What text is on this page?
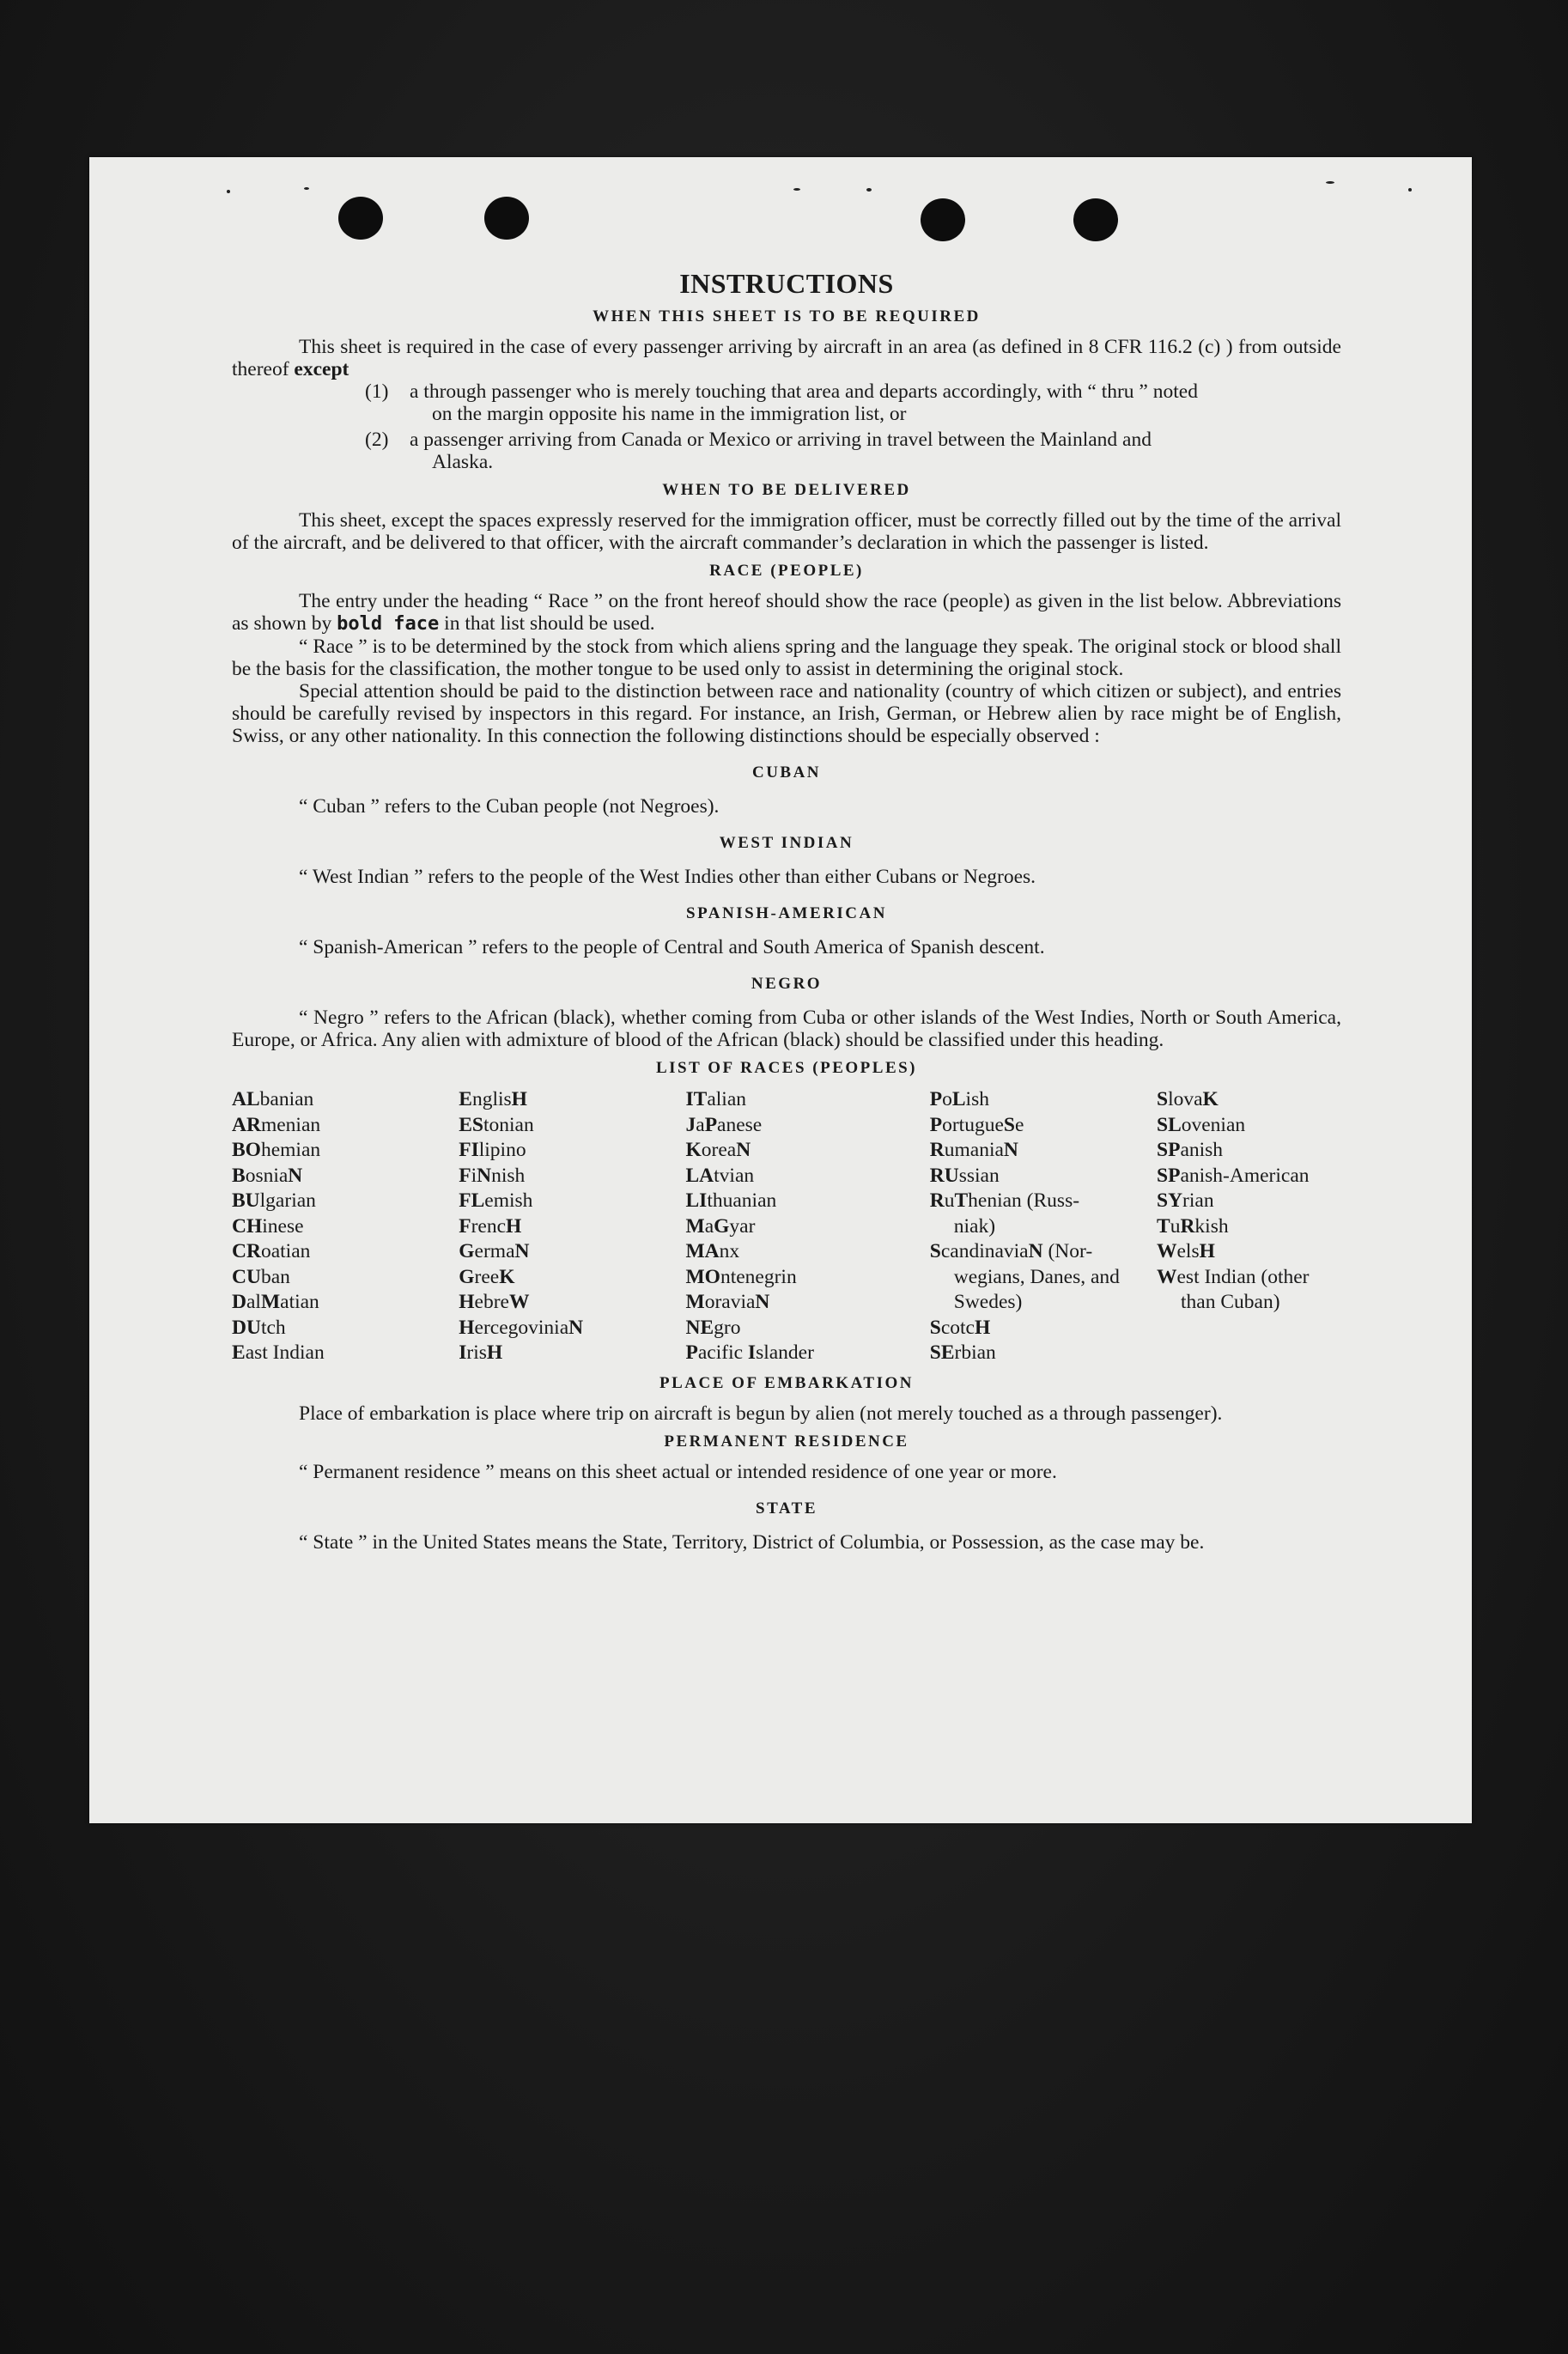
INSTRUCTIONS
WHEN THIS SHEET IS TO BE REQUIRED

This sheet is required in the case of every passenger arriving by aircraft in an area (as defined in 8 CFR 116.2 (c) ) from outside thereof except

(1)	a through passenger who is merely touching that area and departs accordingly, with “ thru ” noted
on the margin opposite his name in the immigration list, or
(2)	a passenger arriving from Canada or Mexico or arriving in travel between the Mainland and
Alaska.
WHEN TO BE DELIVERED

This sheet, except the spaces expressly reserved for the immigration officer, must be correctly filled out by the time of the arrival of the aircraft, and be delivered to that officer, with the aircraft commander’s declaration in which the passenger is listed.

RACE (PEOPLE)

The entry under the heading “ Race ” on the front hereof should show the race (people) as given in the list below. Abbreviations as shown by bold face in that list should be used.

“ Race ” is to be determined by the stock from which aliens spring and the language they speak. The original stock or blood shall be the basis for the classification, the mother tongue to be used only to assist in determining the original stock.

Special attention should be paid to the distinction between race and nationality (country of which citizen or subject), and entries should be carefully revised by inspectors in this regard. For instance, an Irish, German, or Hebrew alien by race might be of English, Swiss, or any other nationality. In this connection the following distinctions should be especially observed :

CUBAN

“ Cuban ” refers to the Cuban people (not Negroes).

WEST INDIAN

“ West Indian ” refers to the people of the West Indies other than either Cubans or Negroes.

SPANISH-AMERICAN

“ Spanish-American ” refers to the people of Central and South America of Spanish descent.

NEGRO

“ Negro ” refers to the African (black), whether coming from Cuba or other islands of the West Indies, North or South America, Europe, or Africa. Any alien with admixture of blood of the African (black) should be classified under this heading.

LIST OF RACES (PEOPLES)
ALbanian
ARmenian
BOhemian
BosniaN
BUlgarian
CHinese
CRoatian
CUban
DalMatian
DUtch
East Indian
EnglisH
EStonian
FIlipino
FiNnish
FLemish
FrencH
GermaN
GreeK
HebreW
HercegoviniaN
IrisH
ITalian
JaPanese
KoreaN
LAtvian
LIthuanian
MaGyar
MAnx
MOntenegrin
MoraviaN
NEgro
Pacific Islander
PoLish
PortugueSe
RumaniaN
RUssian
RuThenian (Russ-
niak)
ScandinaviaN (Nor-
wegians, Danes, and Swedes)
ScotcH
SErbian
SlovaK
SLovenian
SPanish
SPanish-American
SYrian
TuRkish
WelsH
West Indian (other
than Cuban)
PLACE OF EMBARKATION

Place of embarkation is place where trip on aircraft is begun by alien (not merely touched as a through passenger).

PERMANENT RESIDENCE

“ Permanent residence ” means on this sheet actual or intended residence of one year or more.

STATE

“ State ” in the United States means the State, Territory, District of Columbia, or Possession, as the case may be.
